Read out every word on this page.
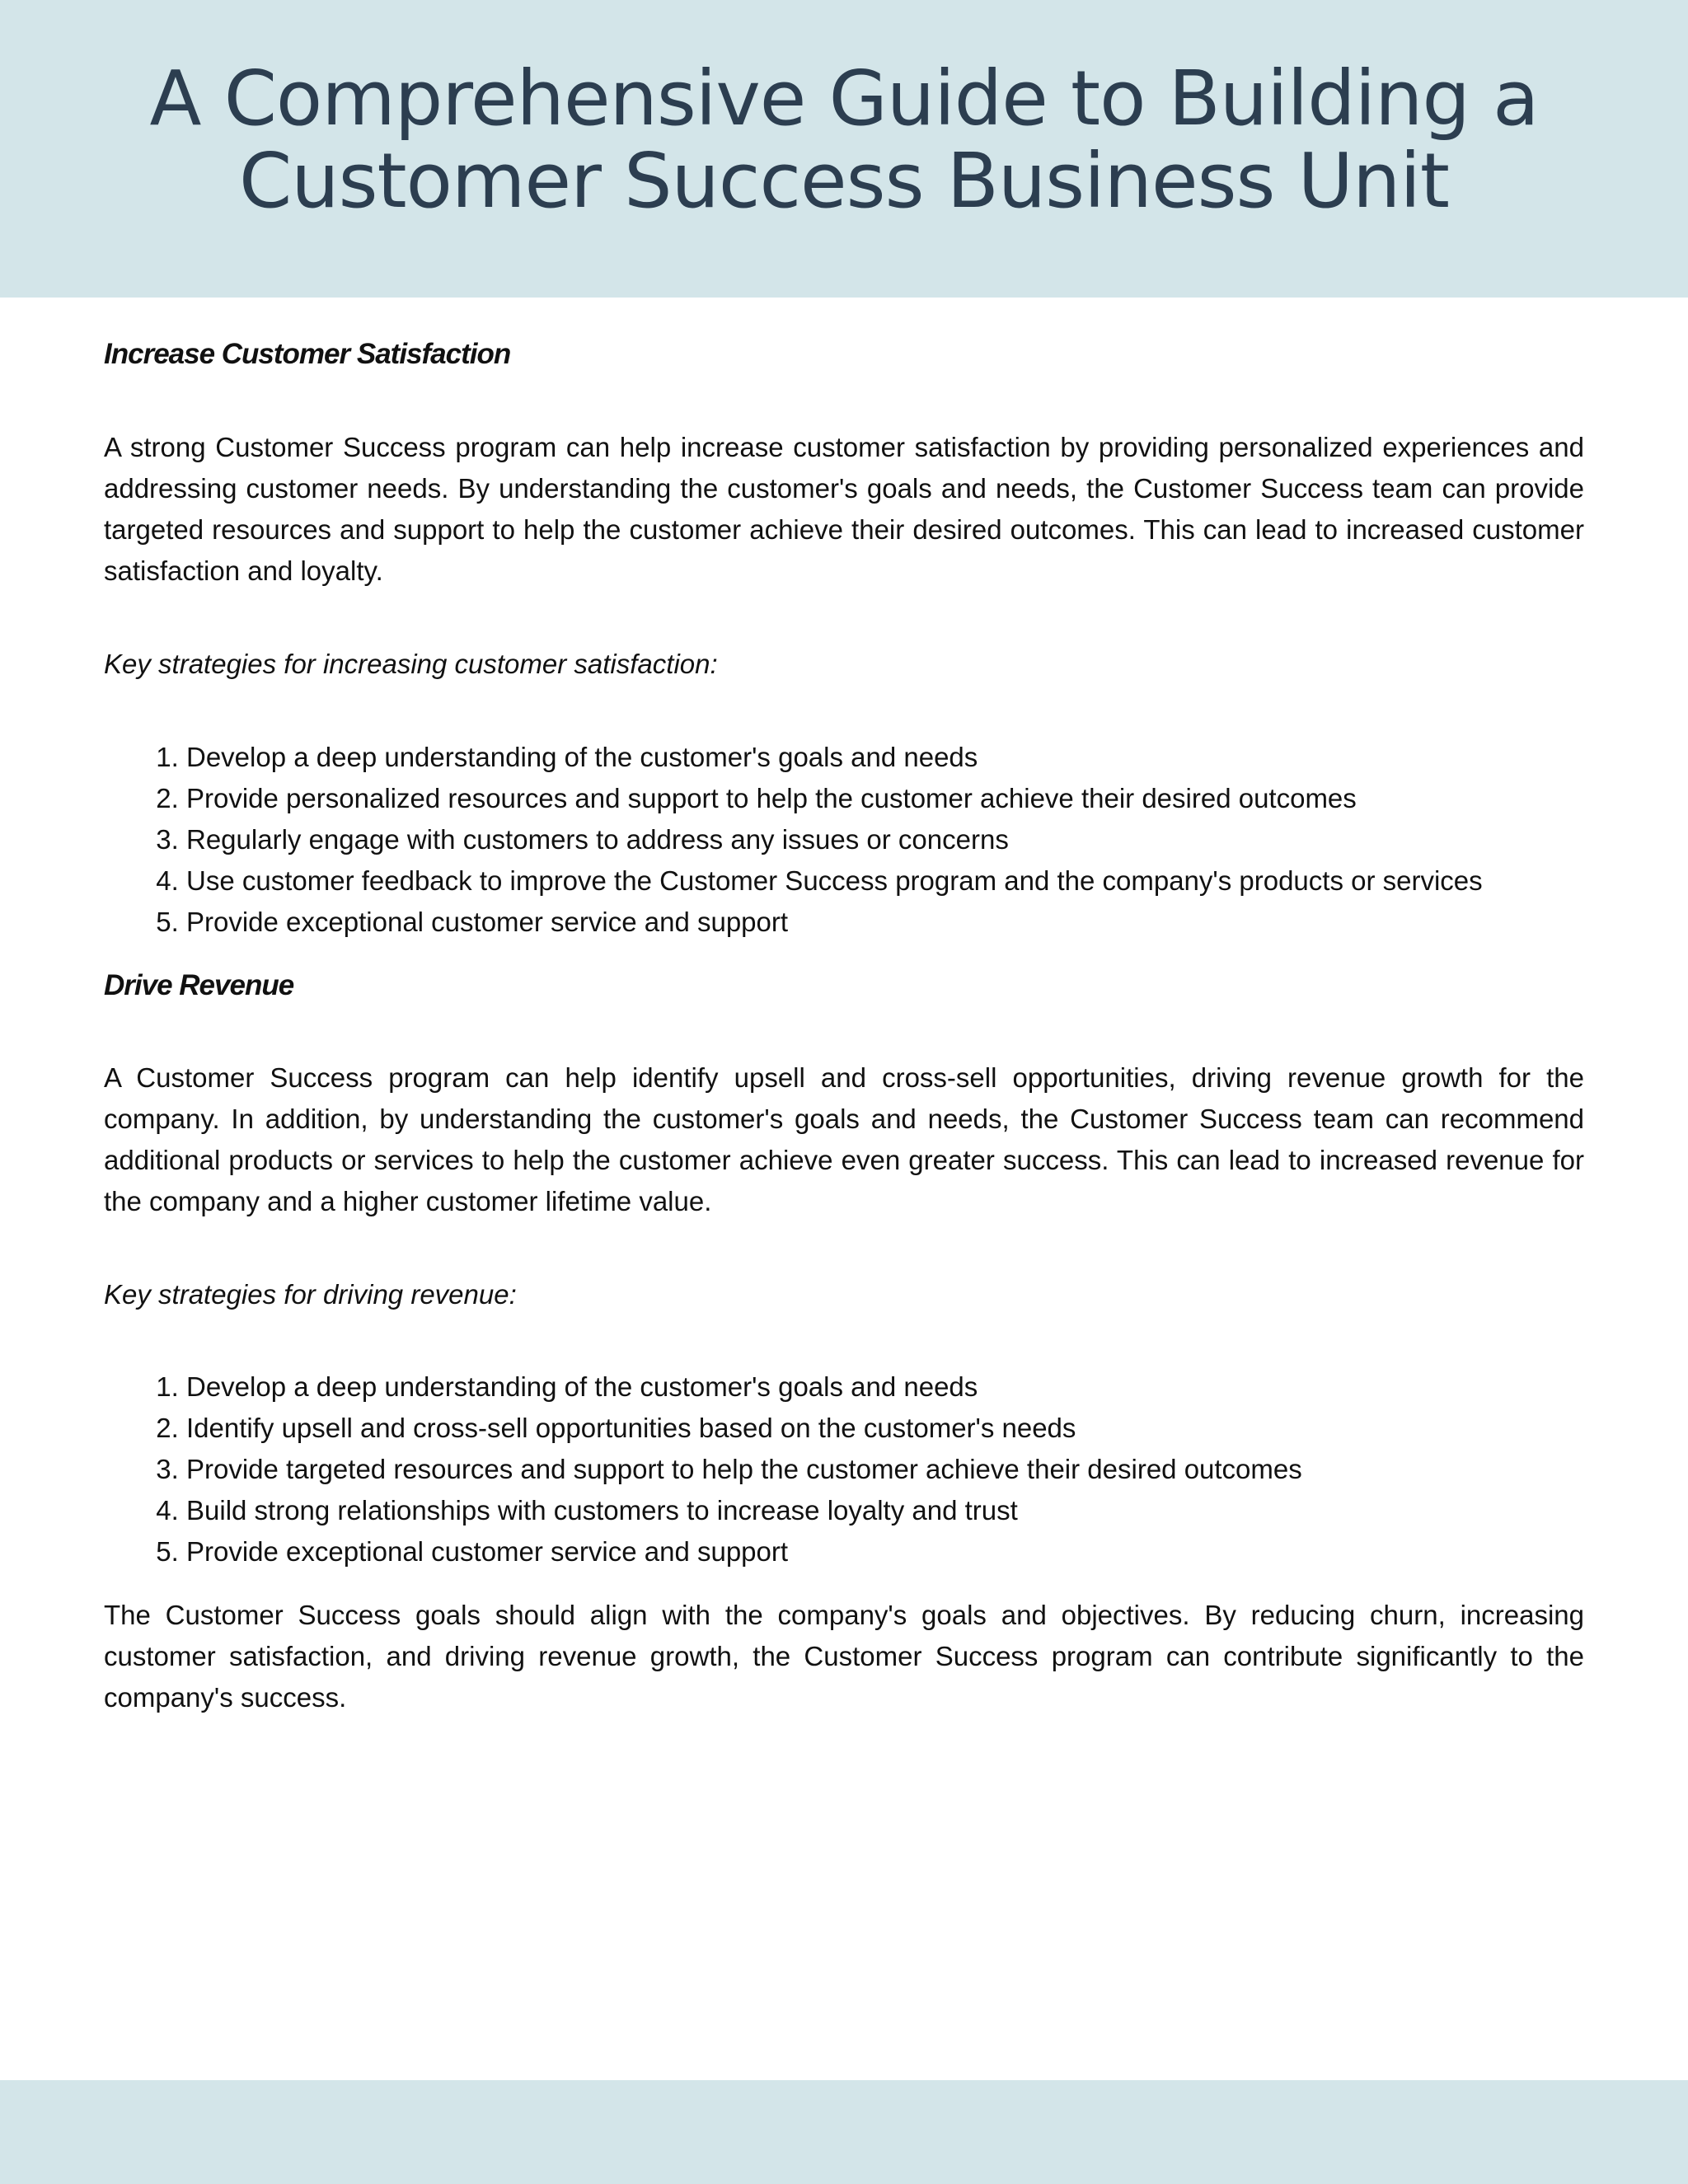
A Comprehensive Guide to Building a Customer Success Business Unit
Increase Customer Satisfaction

A strong Customer Success program can help increase customer satisfaction by providing personalized experiences and addressing customer needs. By understanding the customer's goals and needs, the Customer Success team can provide targeted resources and support to help the customer achieve their desired outcomes. This can lead to increased customer satisfaction and loyalty.

Key strategies for increasing customer satisfaction:

1. Develop a deep understanding of the customer's goals and needs
2. Provide personalized resources and support to help the customer achieve their desired outcomes
3. Regularly engage with customers to address any issues or concerns
4. Use customer feedback to improve the Customer Success program and the company's products or services
5. Provide exceptional customer service and support
Drive Revenue

A Customer Success program can help identify upsell and cross-sell opportunities, driving revenue growth for the company. In addition, by understanding the customer's goals and needs, the Customer Success team can recommend additional products or services to help the customer achieve even greater success. This can lead to increased revenue for the company and a higher customer lifetime value.

Key strategies for driving revenue:

1. Develop a deep understanding of the customer's goals and needs
2. Identify upsell and cross-sell opportunities based on the customer's needs
3. Provide targeted resources and support to help the customer achieve their desired outcomes
4. Build strong relationships with customers to increase loyalty and trust
5. Provide exceptional customer service and support

The Customer Success goals should align with the company's goals and objectives. By reducing churn, increasing customer satisfaction, and driving revenue growth, the Customer Success program can contribute significantly to the company's success.
